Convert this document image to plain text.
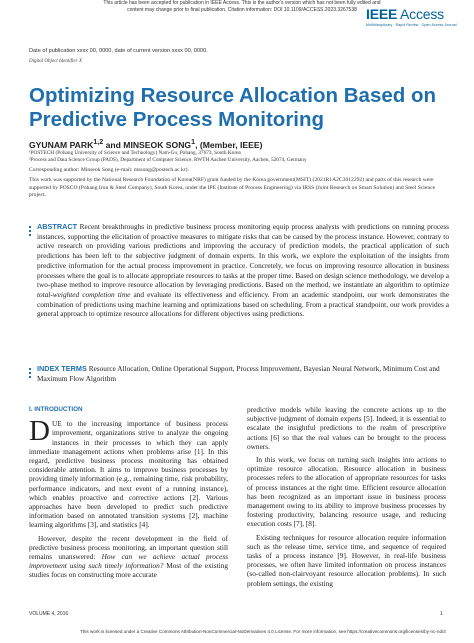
This article has been accepted for publication in IEEE Access. This is the author's version which has not been fully edited and
content may change prior to final publication. Citation information: DOI 10.1109/ACCESS.2023.3267538 IEEE Access
Multidisciplinary : Rapid Review : Open Access Journal
Date of publication xxxx 00, 0000, date of current version xxxx 00, 0000.
Digital Object Identifier X
Optimizing Resource Allocation Based on Predictive Process Monitoring
GYUNAM PARK$^{1,2}$ and MINSEOK SONG$^1$, (Member, IEEE)
¹POSTECH (Pohang University of Science and Technology) Nam-Gu, Pohang, 37673, South Korea
²Process and Data Science Group (PADS), Department of Computer Science, RWTH Aachen University, Aachen, 52074, Germany
Corresponding author: Minseok Song (e-mail: mssong@postech.ac.kr).
This work was supported by the National Research Foundation of Korea(NRF) grant funded by the Korea government(MSIT) (2021R1A2C3012292) and parts of this research were supported by POSCO (Pohang Iron & Steel Company), South Korea, under the IPE (Institute of Process Engineering) via IRSS (Joint Research on Smart Solution) and Steel Science project.
ABSTRACT Recent breakthroughs in predictive business process monitoring equip process analysts with predictions on running process instances, supporting the elicitation of proactive measures to mitigate risks that can be caused by the process instance. However, contrary to active research on providing various predictions and improving the accuracy of prediction models, the practical application of such predictions has been left to the subjective judgment of domain experts. In this work, we explore the exploitation of the insights from predictive information for the actual process improvement in practice. Concretely, we focus on improving resource allocation in business processes where the goal is to allocate appropriate resources to tasks at the proper time. Based on design science methodology, we develop a two-phase method to improve resource allocation by leveraging predictions. Based on the method, we instantiate an algorithm to optimize total-weighted completion time and evaluate its effectiveness and efficiency. From an academic standpoint, our work demonstrates the combination of predictions using machine learning and optimizations based on scheduling. From a practical standpoint, our work provides a general approach to optimize resource allocations for different objectives using predictions.
INDEX TERMS Resource Allocation, Online Operational Support, Process Improvement, Bayesian Neural Network, Minimum Cost and Maximum Flow Algorithm
I. INTRODUCTION

DUE to the increasing importance of business process improvement, organizations strive to analyze the ongoing instances in their processes to which they can apply immediate management actions when problems arise [1]. In this regard, predictive business process monitoring has obtained considerable attention. It aims to improve business processes by providing timely information (e.g., remaining time, risk probability, performance indicators, and next event of a running instance), which enables proactive and corrective actions [2]. Various approaches have been developed to predict such predictive information based on annotated transition systems [2], machine learning algorithms [3], and statistics [4].

However, despite the recent development in the field of predictive business process monitoring, an important question still remains unanswered: How can we achieve actual process improvement using such timely information? Most of the existing studies focus on constructing more accurate

predictive models while leaving the concrete actions up to the subjective judgment of domain experts [5]. Indeed, it is essential to escalate the insightful predictions to the realm of prescriptive actions [6] so that the real values can be brought to the process owners.

In this work, we focus on turning such insights into actions to optimize resource allocation. Resource allocation in business processes refers to the allocation of appropriate resources for tasks of process instances at the right time. Efficient resource allocation has been recognized as an important issue in business process management owing to its ability to improve business processes by fostering productivity, balancing resource usage, and reducing execution costs [7], [8].

Existing techniques for resource allocation require information such as the release time, service time, and sequence of required tasks of a process instance [9]. However, in real-life business processes, we often have limited information on process instances (so-called non-clairvoyant resource allocation problems). In such problem settings, the existing

VOLUME 4, 2016	1
This work is licensed under a Creative Commons Attribution-NonCommercial-NoDerivatives 4.0 License. For more information, see https://creativecommons.org/licenses/by-nc-nd/4
